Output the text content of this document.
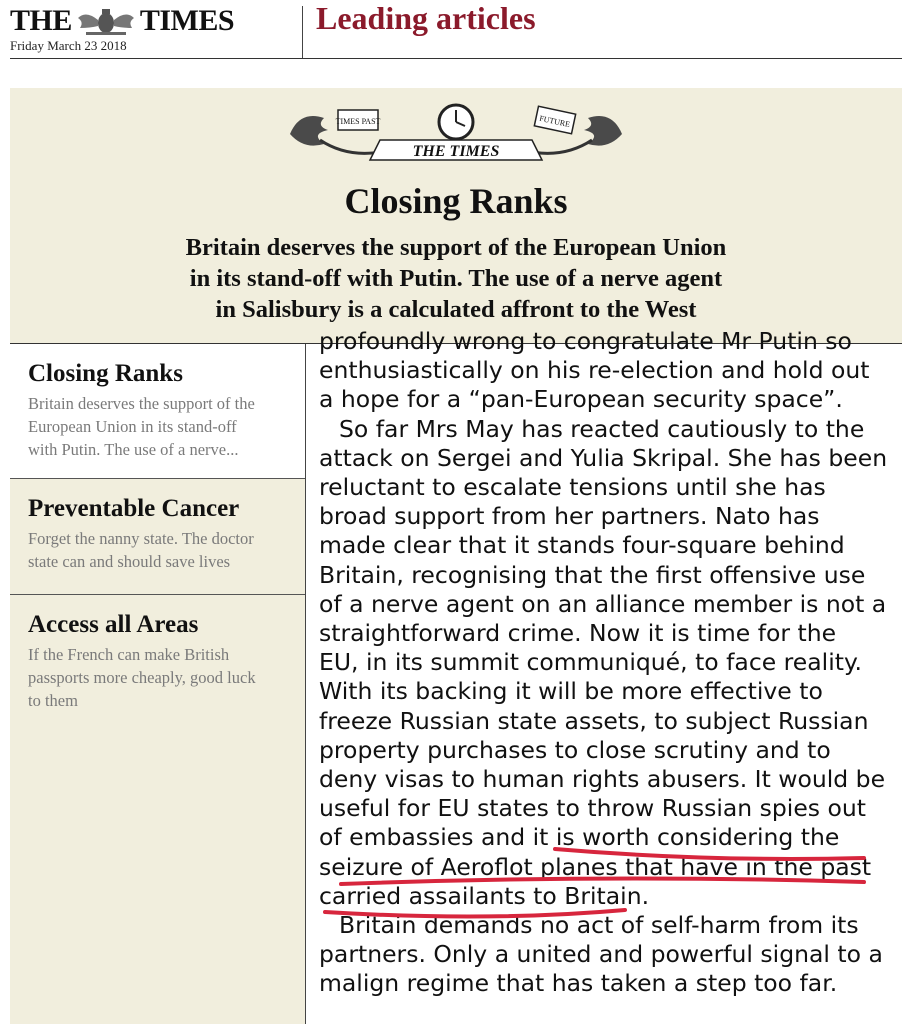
THE TIMES
Friday March 23 2018
Leading articles
TIMES PAST	FUTURE
THE TIMES
Closing Ranks
Britain deserves the support of the European Union
in its stand-off with Putin. The use of a nerve agent
in Salisbury is a calculated affront to the West
Closing Ranks
Britain deserves the support of the
European Union in its stand-off
with Putin. The use of a nerve...
Preventable Cancer
Forget the nanny state. The doctor
state can and should save lives
Access all Areas
If the French can make British
passports more cheaply, good luck
to them
profoundly wrong to congratulate Mr Putin so
enthusiastically on his re-election and hold out
a hope for a “pan-European security space”.
So far Mrs May has reacted cautiously to the
attack on Sergei and Yulia Skripal. She has been
reluctant to escalate tensions until she has
broad support from her partners. Nato has
made clear that it stands four-square behind
Britain, recognising that the first offensive use
of a nerve agent on an alliance member is not a
straightforward crime. Now it is time for the
EU, in its summit communiqué, to face reality.
With its backing it will be more effective to
freeze Russian state assets, to subject Russian
property purchases to close scrutiny and to
deny visas to human rights abusers. It would be
useful for EU states to throw Russian spies out
of embassies and it is worth considering the
seizure of Aeroflot planes that have in the past
carried assailants to Britain.
Britain demands no act of self-harm from its
partners. Only a united and powerful signal to a
malign regime that has taken a step too far.
